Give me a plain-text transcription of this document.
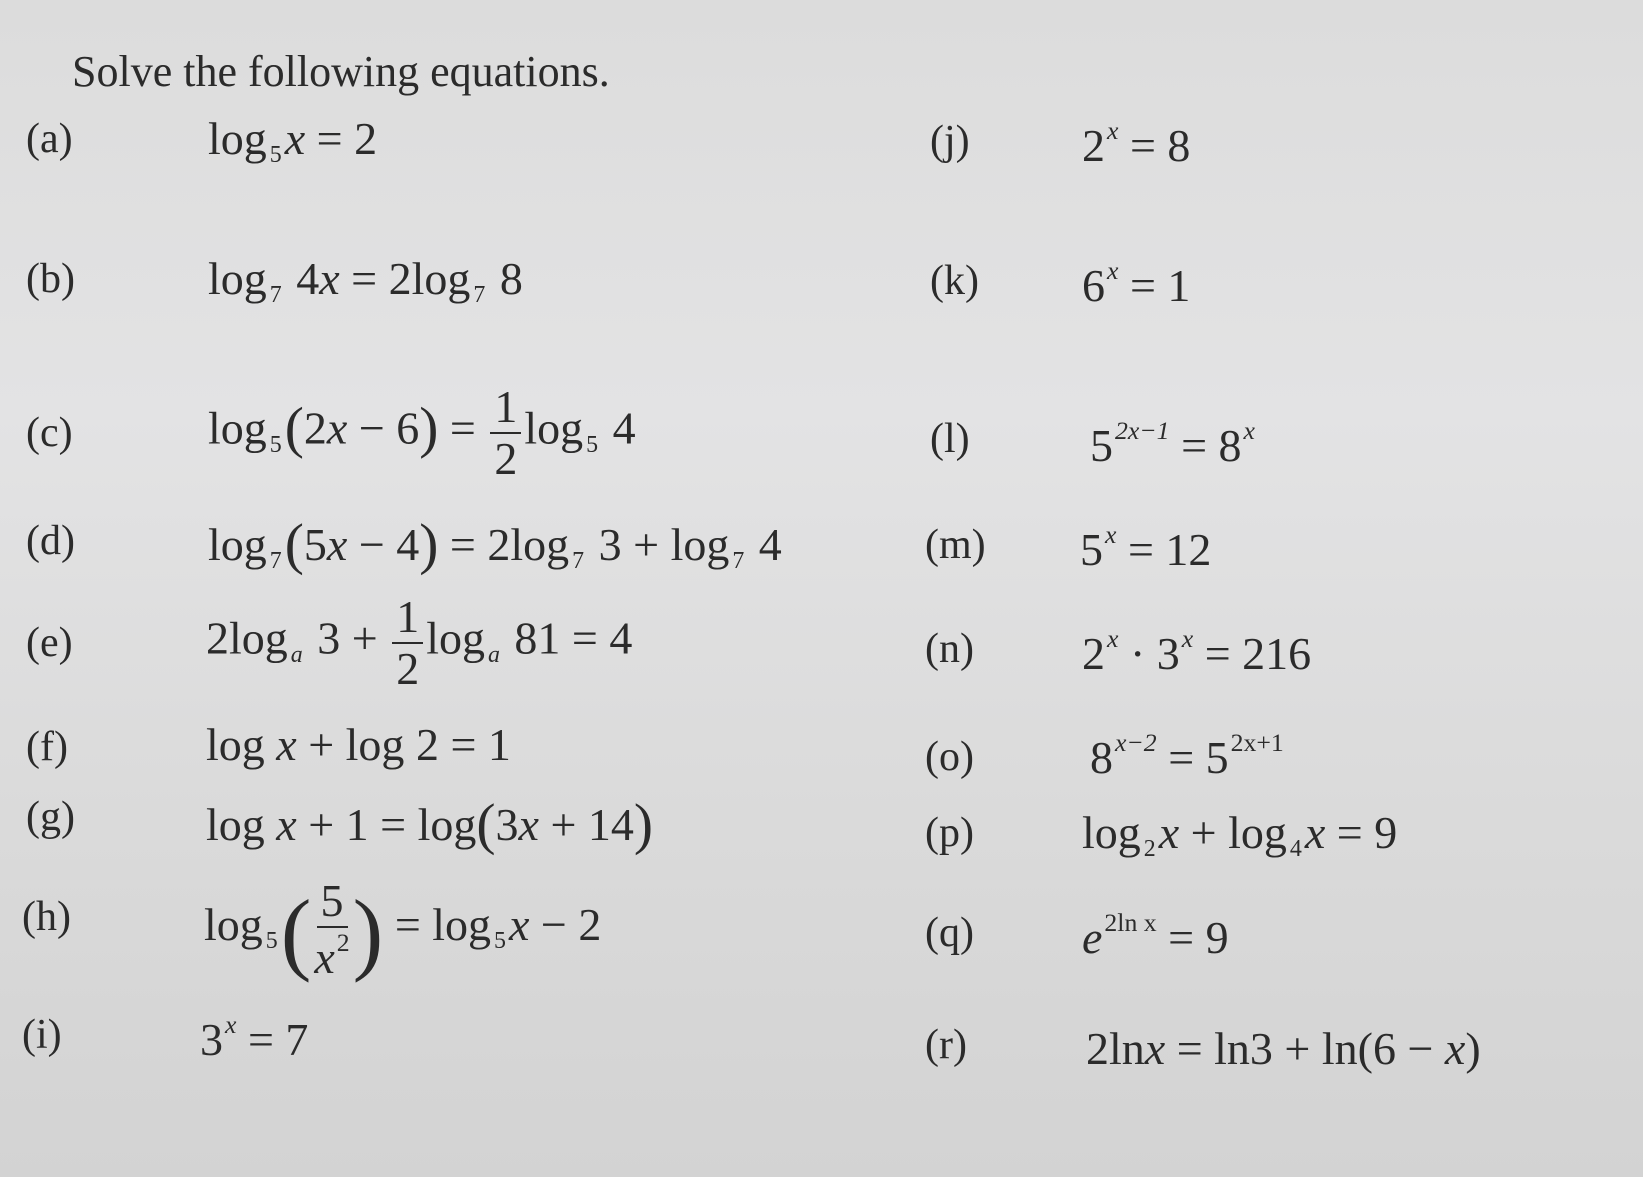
Solve the following equations.
(a)
(b)
(c)
(d)
(e)
(f)
(g)
(h)
(i)
(j)
(k)
(l)
(m)
(n)
(o)
(p)
(q)
(r)
log $_5$x = 2
log $_7$ 4x = 2log $_7$ 8
$\log _5(2x - 6) = \frac{1}{2}$ log $_5$ 4
log $_7$(5x − 4) = 2log $_7$ 3 + log $_7$ 4
2log $_a$ $3 + \frac{1}{2}$ log $_a$ 81 = 4
log x + log 2 = 1
log x + 1 = log(3x + 14)
$\log _5( \frac{5}{x^2}$ ) = log $_5$x − 2
$3^x = 7$
$2^x = 8$
$6^x = 1$
$5^{2x-1} = 8^x$
$5^x = 12$
$2^x \cdot 3^x = 216$
$8^{x-2} = 5^{2x+1}$
log $_2$x + log $_4$x = 9
$e^{2ln x} = 9$
2lnx = ln3 + ln(6 − x)
